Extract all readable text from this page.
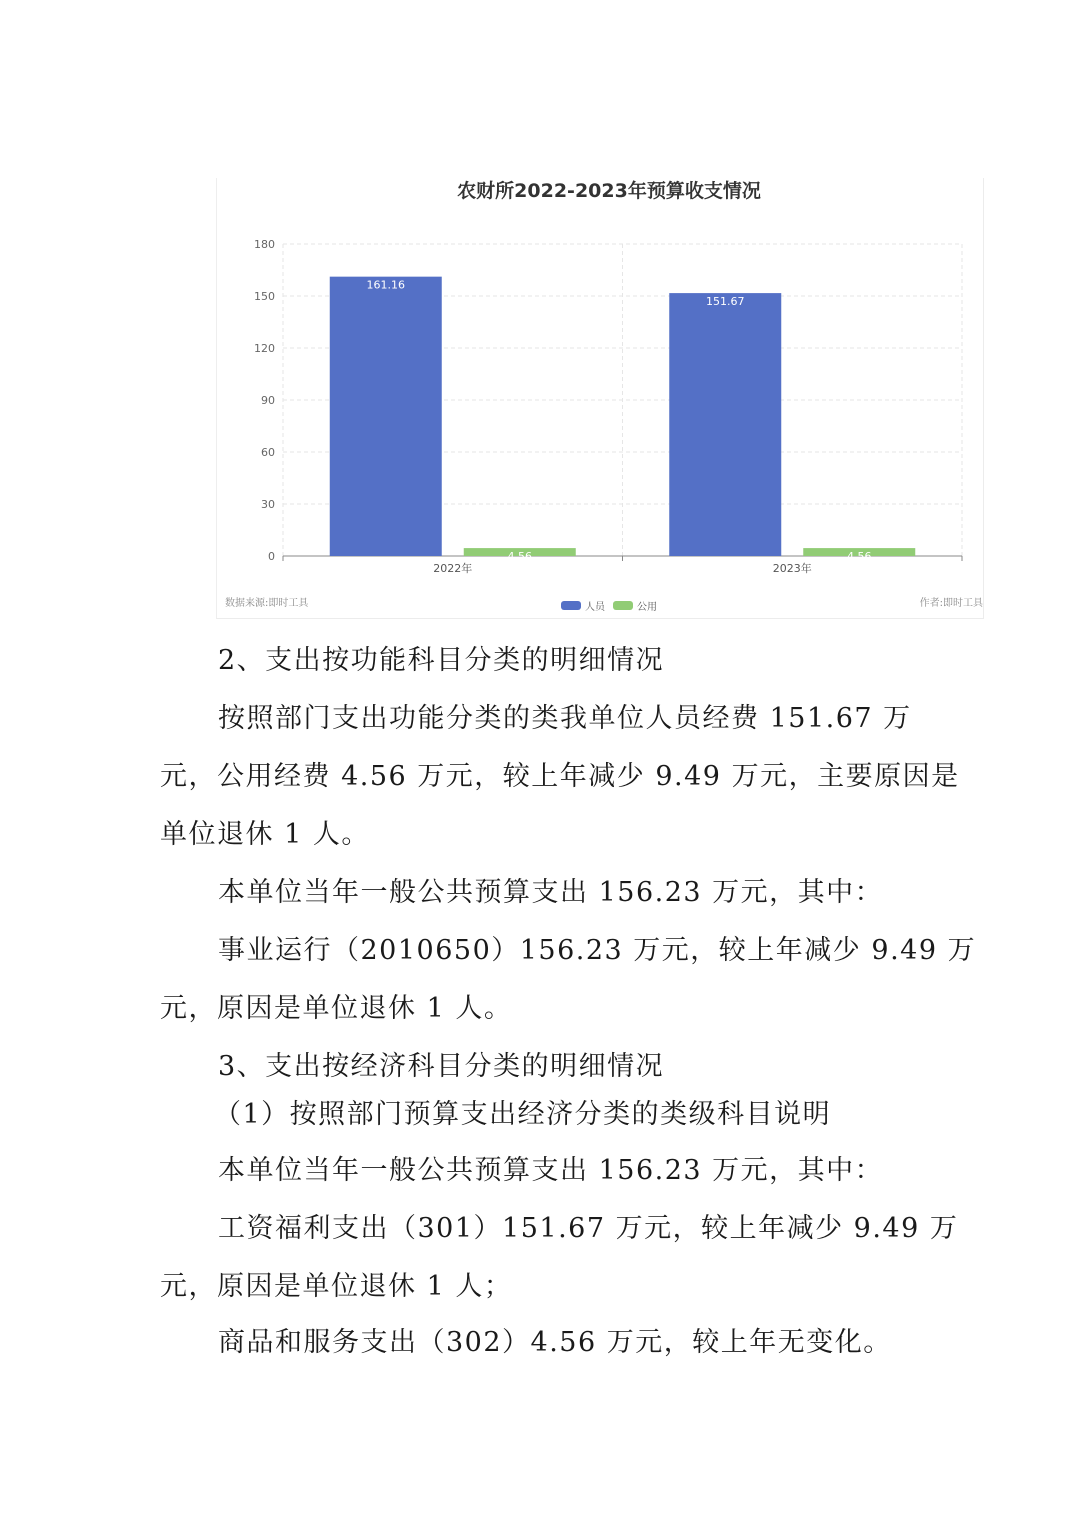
农财所2022-2023年预算收支情况
0
30
60
90
120
150
180
161.16
4.56
2022年
151.67
4.56
2023年
数据来源:即时工具	作者:即时工具
人员	公用
2、支出按功能科目分类的明细情况
按照部门支出功能分类的类我单位人员经费 151.67 万
元，公用经费 4.56 万元，较上年减少 9.49 万元，主要原因是
单位退休 1 人。
本单位当年一般公共预算支出 156.23 万元，其中：
事业运行（2010650）156.23 万元，较上年减少 9.49 万
元，原因是单位退休 1 人。
3、支出按经济科目分类的明细情况
（1）按照部门预算支出经济分类的类级科目说明
本单位当年一般公共预算支出 156.23 万元，其中：
工资福利支出（301）151.67 万元，较上年减少 9.49 万
元，原因是单位退休 1 人；
商品和服务支出（302）4.56 万元，较上年无变化。
